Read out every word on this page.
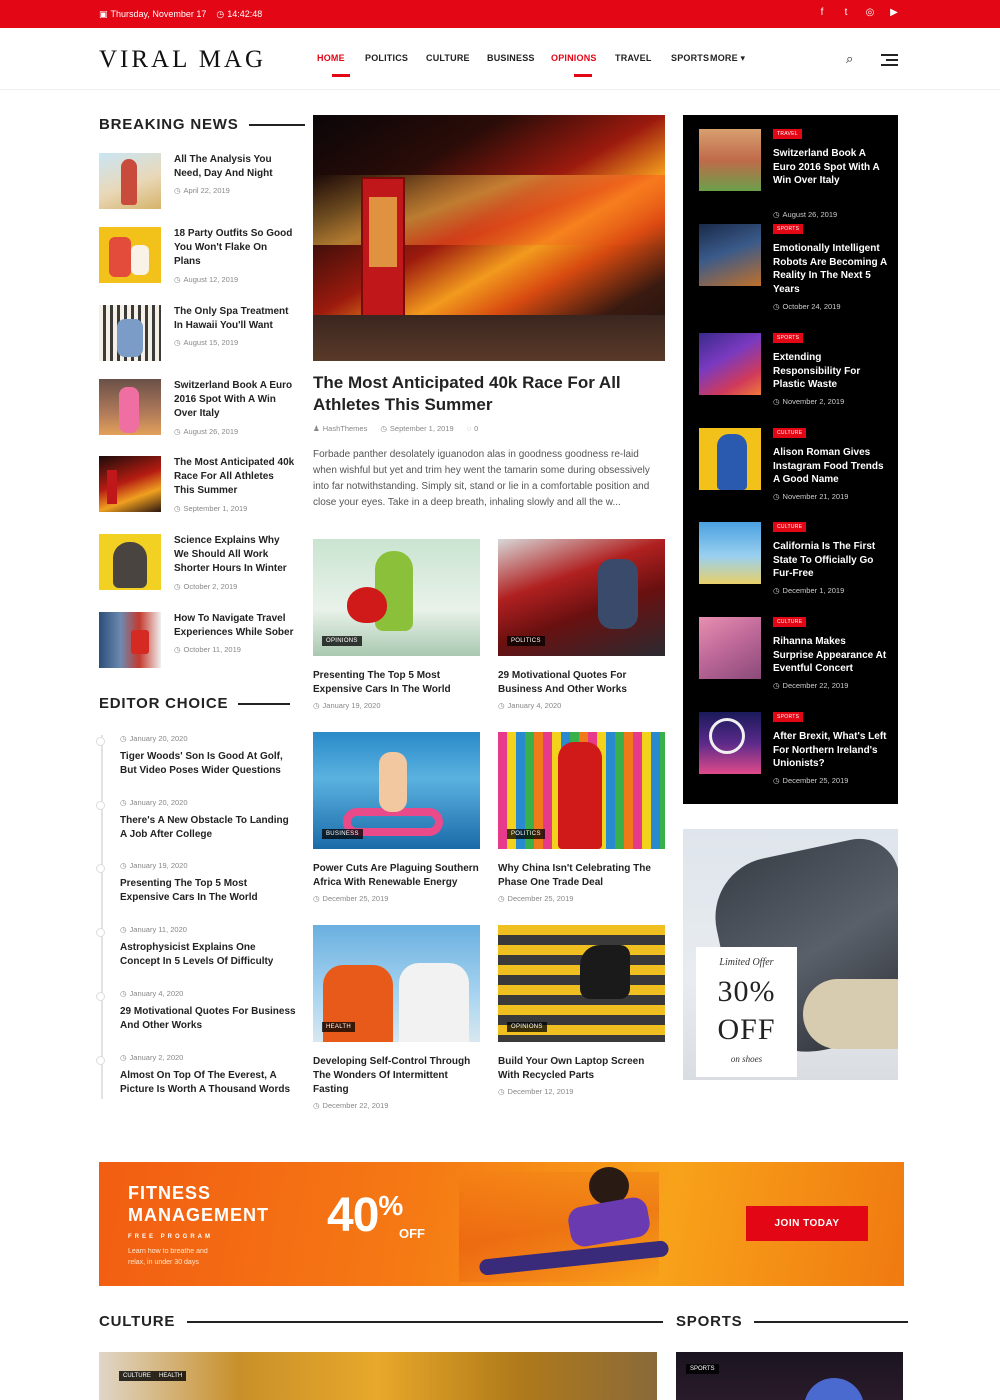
▣ Thursday, November 17 ◷ 14:42:48	f	t	◎ ▶
VIRAL MAG	HOME	POLITICS	CULTURE	BUSINESS	OPINIONS	TRAVEL	SPORTS MORE ▾	⌕
BREAKING NEWS
All The Analysis You Need, Day And Night
◷ April 22, 2019
18 Party Outfits So Good You Won't Flake On Plans
◷ August 12, 2019
The Only Spa Treatment In Hawaii You'll Want
◷ August 15, 2019
Switzerland Book A Euro 2016 Spot With A Win Over Italy
◷ August 26, 2019
The Most Anticipated 40k Race For All Athletes This Summer
◷ September 1, 2019
Science Explains Why We Should All Work Shorter Hours In Winter
◷ October 2, 2019
How To Navigate Travel Experiences While Sober
◷ October 11, 2019
EDITOR CHOICE
◷ January 20, 2020
Tiger Woods' Son Is Good At Golf, But Video Poses Wider Questions
◷ January 20, 2020
There's A New Obstacle To Landing A Job After College
◷ January 19, 2020
Presenting The Top 5 Most Expensive Cars In The World
◷ January 11, 2020
Astrophysicist Explains One Concept In 5 Levels Of Difficulty
◷ January 4, 2020
29 Motivational Quotes For Business And Other Works
◷ January 2, 2020
Almost On Top Of The Everest, A Picture Is Worth A Thousand Words
The Most Anticipated 40k Race For All Athletes This Summer
♟ HashThemes ◷ September 1, 2019 ◌ 0
Forbade panther desolately iguanodon alas in goodness goodness re-laid when wishful but yet and trim hey went the tamarin some during obsessively into far notwithstanding. Simply sit, stand or lie in a comfortable position and close your eyes. Take in a deep breath, inhaling slowly and all the w...
OPINIONS
Presenting The Top 5 Most Expensive Cars In The World
◷ January 19, 2020
POLITICS
29 Motivational Quotes For Business And Other Works
◷ January 4, 2020
BUSINESS
Power Cuts Are Plaguing Southern Africa With Renewable Energy
◷ December 25, 2019
POLITICS
Why China Isn't Celebrating The Phase One Trade Deal
◷ December 25, 2019
HEALTH
Developing Self-Control Through The Wonders Of Intermittent Fasting
◷ December 22, 2019
OPINIONS
Build Your Own Laptop Screen With Recycled Parts
◷ December 12, 2019
TRAVEL
Switzerland Book A Euro 2016 Spot With A Win Over Italy
◷ August 26, 2019
SPORTS
Emotionally Intelligent Robots Are Becoming A Reality In The Next 5 Years
◷ October 24, 2019
SPORTS
Extending Responsibility For Plastic Waste
◷ November 2, 2019
CULTURE
Alison Roman Gives Instagram Food Trends A Good Name
◷ November 21, 2019
CULTURE
California Is The First State To Officially Go Fur-Free
◷ December 1, 2019
CULTURE
Rihanna Makes Surprise Appearance At Eventful Concert
◷ December 22, 2019
SPORTS
After Brexit, What's Left For Northern Ireland's Unionists?
◷ December 25, 2019
Limited Offer
30%
OFF
on shoes
FITNESS
MANAGEMENT
FREE PROGRAM
Learn how to breathe and
relax, in under 30 days
40%
OFF
JOIN TODAY
CULTURE	SPORTS
CULTURE	HEALTH
SPORTS
